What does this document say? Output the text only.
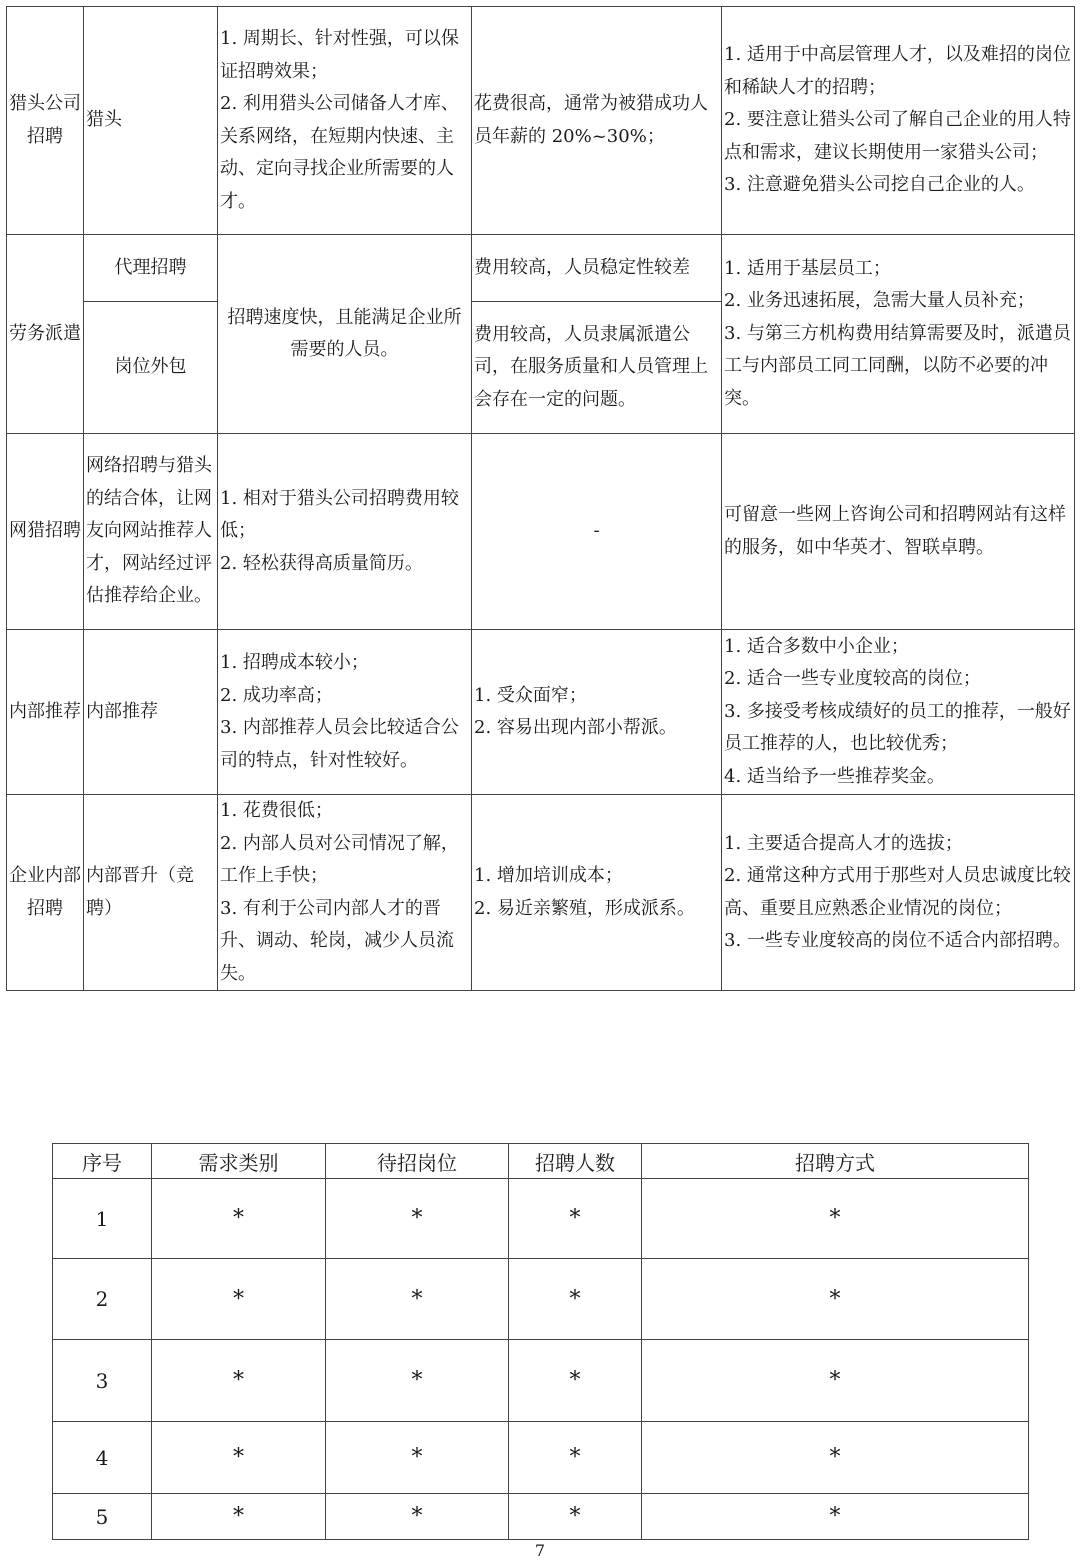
猎头公司招聘	猎头	1. 周期长、针对性强，可以保证招聘效果；
2. 利用猎头公司储备人才库、关系网络，在短期内快速、主动、定向寻找企业所需要的人才。	花费很高，通常为被猎成功人员年薪的 20%~30%；	1. 适用于中高层管理人才，以及难招的岗位和稀缺人才的招聘；
2. 要注意让猎头公司了解自己企业的用人特点和需求，建议长期使用一家猎头公司；
3. 注意避免猎头公司挖自己企业的人。

劳务派遣	代理招聘	招聘速度快，且能满足企业所需要的人员。	费用较高，人员稳定性较差	1. 适用于基层员工；
2. 业务迅速拓展，急需大量人员补充；
3. 与第三方机构费用结算需要及时，派遣员工与内部员工同工同酬，以防不必要的冲突。

	岗位外包		费用较高，人员隶属派遣公司，在服务质量和人员管理上会存在一定的问题。	
网猎招聘	网络招聘与猎头的结合体，让网友向网站推荐人才，网站经过评估推荐给企业。	1. 相对于猎头公司招聘费用较低；
2. 轻松获得高质量简历。	-	可留意一些网上咨询公司和招聘网站有这样的服务，如中华英才、智联卓聘。
内部推荐	内部推荐	1. 招聘成本较小；
2. 成功率高；
3. 内部推荐人员会比较适合公司的特点，针对性较好。	1. 受众面窄；
2. 容易出现内部小帮派。	1. 适合多数中小企业；
2. 适合一些专业度较高的岗位；
3. 多接受考核成绩好的员工的推荐，一般好员工推荐的人，也比较优秀；
4. 适当给予一些推荐奖金。

企业内部招聘	内部晋升（竞聘）	1. 花费很低；
2. 内部人员对公司情况了解，工作上手快；
3. 有利于公司内部人才的晋升、调动、轮岗，减少人员流失。	1. 增加培训成本；
2. 易近亲繁殖，形成派系。	1. 主要适合提高人才的选拔；
2. 通常这种方式用于那些对人员忠诚度比较高、重要且应熟悉企业情况的岗位；
3. 一些专业度较高的岗位不适合内部招聘。
序号	需求类别	待招岗位	招聘人数	招聘方式
1	*	*	*	*
2	*	*	*	*
3	*	*	*	*
4	*	*	*	*
5	*	*	*	*
7
